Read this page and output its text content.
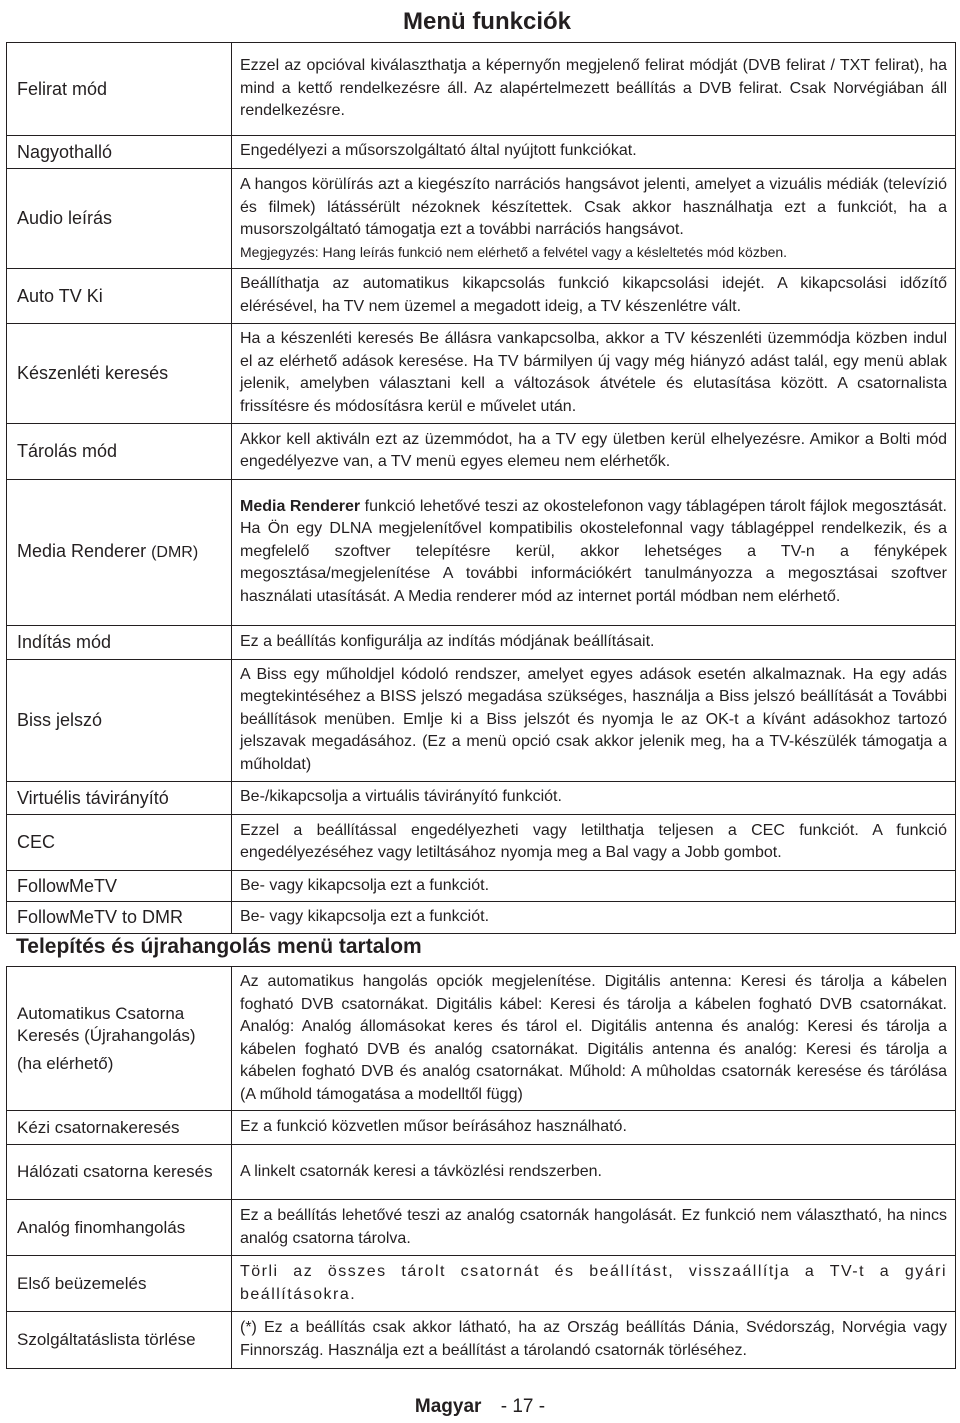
Menü funkciók
Felirat mód	Ezzel az opcióval kiválaszthatja a képernyőn megjelenő felirat módját (DVB felirat / TXT felirat), ha mind a kettő rendelkezésre áll. Az alapértelmezett beállítás a DVB felirat. Csak Norvégiában áll rendelkezésre.
Nagyothalló	Engedélyezi a műsorszolgáltató által nyújtott funkciókat.
Audio leírás	A hangos körülírás azt a kiegészíto narrációs hangsávot jelenti, amelyet a vizuális médiák (televízió és filmek) látássérült nézoknek készítettek. Csak akkor használhatja ezt a funkciót, ha a musorszolgáltató támogatja ezt a további narrációs hangsávot.
Megjegyzés: Hang leírás funkció nem elérhető a felvétel vagy a késleltetés mód közben.

Auto TV Ki	Beállíthatja az automatikus kikapcsolás funkció kikapcsolási idejét. A kikapcsolási időzítő elérésével, ha TV nem üzemel a megadott ideig, a TV készenlétre vált.
Készenléti keresés	Ha a készenléti keresés Be állásra vankapcsolba, akkor a TV készenléti üzemmódja közben indul el az elérhető adások keresése. Ha TV bármilyen új vagy még hiányzó adást talál, egy menü ablak jelenik, amelyben választani kell a változások átvétele és elutasítása között. A csatornalista frissítésre és módosításra kerül e művelet után.
Tárolás mód	Akkor kell aktiváln ezt az üzemmódot, ha a TV egy ületben kerül elhelyezésre. Amikor a Bolti mód engedélyezve van, a TV menü egyes elemeu nem elérhetők.
Media Renderer (DMR)	Media Renderer funkció lehetővé teszi az okostelefonon vagy táblagépen tárolt fájlok megosztását. Ha Ön egy DLNA megjelenítővel kompatibilis okostelefonnal vagy táblagéppel rendelkezik, és a megfelelő szoftver telepítésre kerül, akkor lehetséges a TV-n a fényképek megosztása/megjelenítése A további információkért tanulmányozza a megosztásai szoftver használati utasítását. A Media renderer mód az internet portál módban nem elérhető.
Indítás mód	Ez a beállítás konfigurálja az indítás módjának beállításait.
Biss jelszó	A Biss egy műholdjel kódoló rendszer, amelyet egyes adások esetén alkalmaznak. Ha egy adás megtekintéséhez a BISS jelszó megadása szükséges, használja a Biss jelszó beállítását a További beállítások menüben. Emlje ki a Biss jelszót és nyomja le az OK-t a kívánt adásokhoz tartozó jelszavak megadásához. (Ez a menü opció csak akkor jelenik meg, ha a TV-készülék támogatja a műholdat)
Virtuélis távirányító	Be-/kikapcsolja a virtuális távirányító funkciót.
CEC	Ezzel a beállítással engedélyezheti vagy letilthatja teljesen a CEC funkciót. A funkció engedélyezéséhez vagy letiltásához nyomja meg a Bal vagy a Jobb gombot.
FollowMeTV	Be- vagy kikapcsolja ezt a funkciót.
FollowMeTV to DMR	Be- vagy kikapcsolja ezt a funkciót.
Telepítés és újrahangolás menü tartalom
Automatikus Csatorna Keresés (Újrahangolás)
(ha elérhető)	Az automatikus hangolás opciók megjelenítése. Digitális antenna: Keresi és tárolja a kábelen fogható DVB csatornákat. Digitális kábel: Keresi és tárolja a kábelen fogható DVB csatornákat. Analóg: Analóg állomásokat keres és tárol el. Digitális antenna és analóg: Keresi és tárolja a kábelen fogható DVB és analóg csatornákat. Digitális antenna és analóg: Keresi és tárolja a kábelen fogható DVB és analóg csatornákat. Műhold: A mûholdas csatornák keresése és tárólása (A műhold támogatása a modelltől függ)
Kézi csatornakeresés	Ez a funkció közvetlen műsor beírásához használható.
Hálózati csatorna keresés	A linkelt csatornák keresi a távközlési rendszerben.
Analóg finomhangolás	Ez a beállítás lehetővé teszi az analóg csatornák hangolását. Ez funkció nem választható, ha nincs analóg csatorna tárolva.
Első beüzemelés	Törli az összes tárolt csatornát és beállítást, visszaállítja a TV-t a gyári beállításokra.
Szolgáltatáslista törlése	(*) Ez a beállítás csak akkor látható, ha az Ország beállítás Dánia, Svédország, Norvégia vagy Finnország. Használja ezt a beállítást a tárolandó csatornák törléséhez.
Magyar - 17 -
